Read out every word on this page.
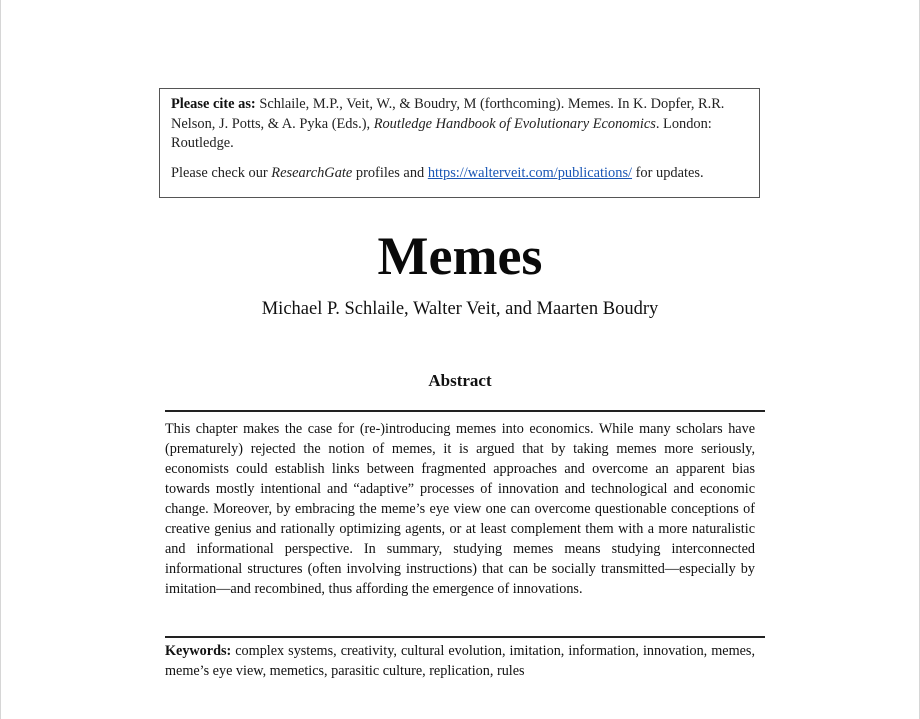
Please cite as: Schlaile, M.P., Veit, W., & Boudry, M (forthcoming). Memes. In K. Dopfer, R.R. Nelson, J. Potts, & A. Pyka (Eds.), Routledge Handbook of Evolutionary Economics. London: Routledge.

Please check our ResearchGate profiles and https://walterveit.com/publications/ for updates.

Memes
Michael P. Schlaile, Walter Veit, and Maarten Boudry
Abstract

This chapter makes the case for (re-)introducing memes into economics. While many scholars have (prematurely) rejected the notion of memes, it is argued that by taking memes more seriously, economists could establish links between fragmented approaches and overcome an apparent bias towards mostly intentional and “adaptive” processes of innovation and technological and economic change. Moreover, by embracing the meme’s eye view one can overcome questionable conceptions of creative genius and rationally optimizing agents, or at least complement them with a more naturalistic and informational perspective. In summary, studying memes means studying interconnected informational structures (often involving instructions) that can be socially transmitted—especially by imitation—and recombined, thus affording the emergence of innovations.

Keywords: complex systems, creativity, cultural evolution, imitation, information, innovation, memes, meme’s eye view, memetics, parasitic culture, replication, rules
